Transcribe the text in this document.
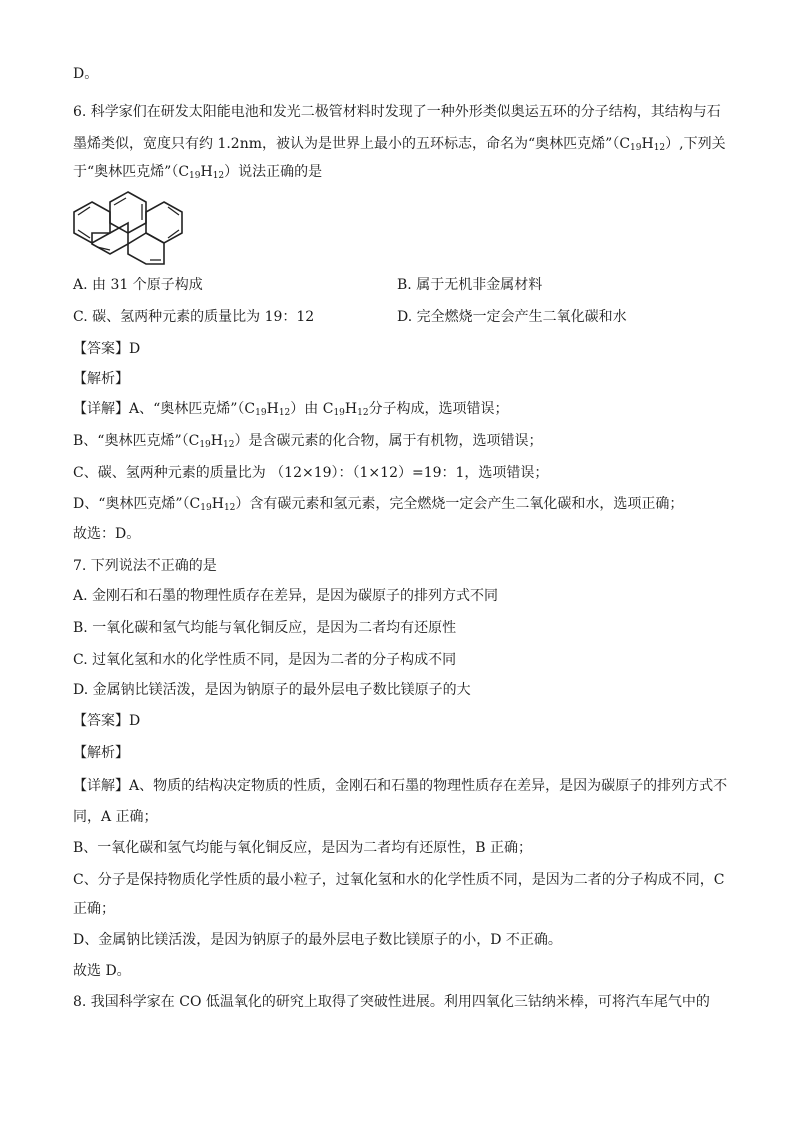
D。
6. 科学家们在研发太阳能电池和发光二极管材料时发现了一种外形类似奥运五环的分子结构，其结构与石
墨烯类似，宽度只有约 1.2nm，被认为是世界上最小的五环标志，命名为“奥林匹克烯$”(C_{19}H_{12})$,下列关
于“奥林匹克烯$”(C_{19}H_{12})$说法正确的是
A. 由 31 个原子构成	B. 属于无机非金属材料
C. 碳、氢两种元素的质量比为 19：12	D. 完全燃烧一定会产生二氧化碳和水
【答案】D
【解析】
【详解】A、“奥林匹克烯$”(C_{19}H_{12})$由 $C_{19}H_{12}$分子构成，选项错误；
B、“奥林匹克烯$”(C_{19}H_{12})$是含碳元素的化合物，属于有机物，选项错误；
C、碳、氢两种元素的质量比为 （12×19）：（1×12）=19：1，选项错误；
D、“奥林匹克烯$”(C_{19}H_{12})$含有碳元素和氢元素，完全燃烧一定会产生二氧化碳和水，选项正确；
故选：D。
7. 下列说法不正确的是
A. 金刚石和石墨的物理性质存在差异，是因为碳原子的排列方式不同
B. 一氧化碳和氢气均能与氧化铜反应，是因为二者均有还原性
C. 过氧化氢和水的化学性质不同，是因为二者的分子构成不同
D. 金属钠比镁活泼，是因为钠原子的最外层电子数比镁原子的大
【答案】D
【解析】
【详解】A、物质的结构决定物质的性质，金刚石和石墨的物理性质存在差异，是因为碳原子的排列方式不
同，A 正确；
B、一氧化碳和氢气均能与氧化铜反应，是因为二者均有还原性，B 正确；
C、分子是保持物质化学性质的最小粒子，过氧化氢和水的化学性质不同，是因为二者的分子构成不同，C
正确；
D、金属钠比镁活泼，是因为钠原子的最外层电子数比镁原子的小，D 不正确。
故选 D。
8. 我国科学家在 CO 低温氧化的研究上取得了突破性进展。利用四氧化三钴纳米棒，可将汽车尾气中的
